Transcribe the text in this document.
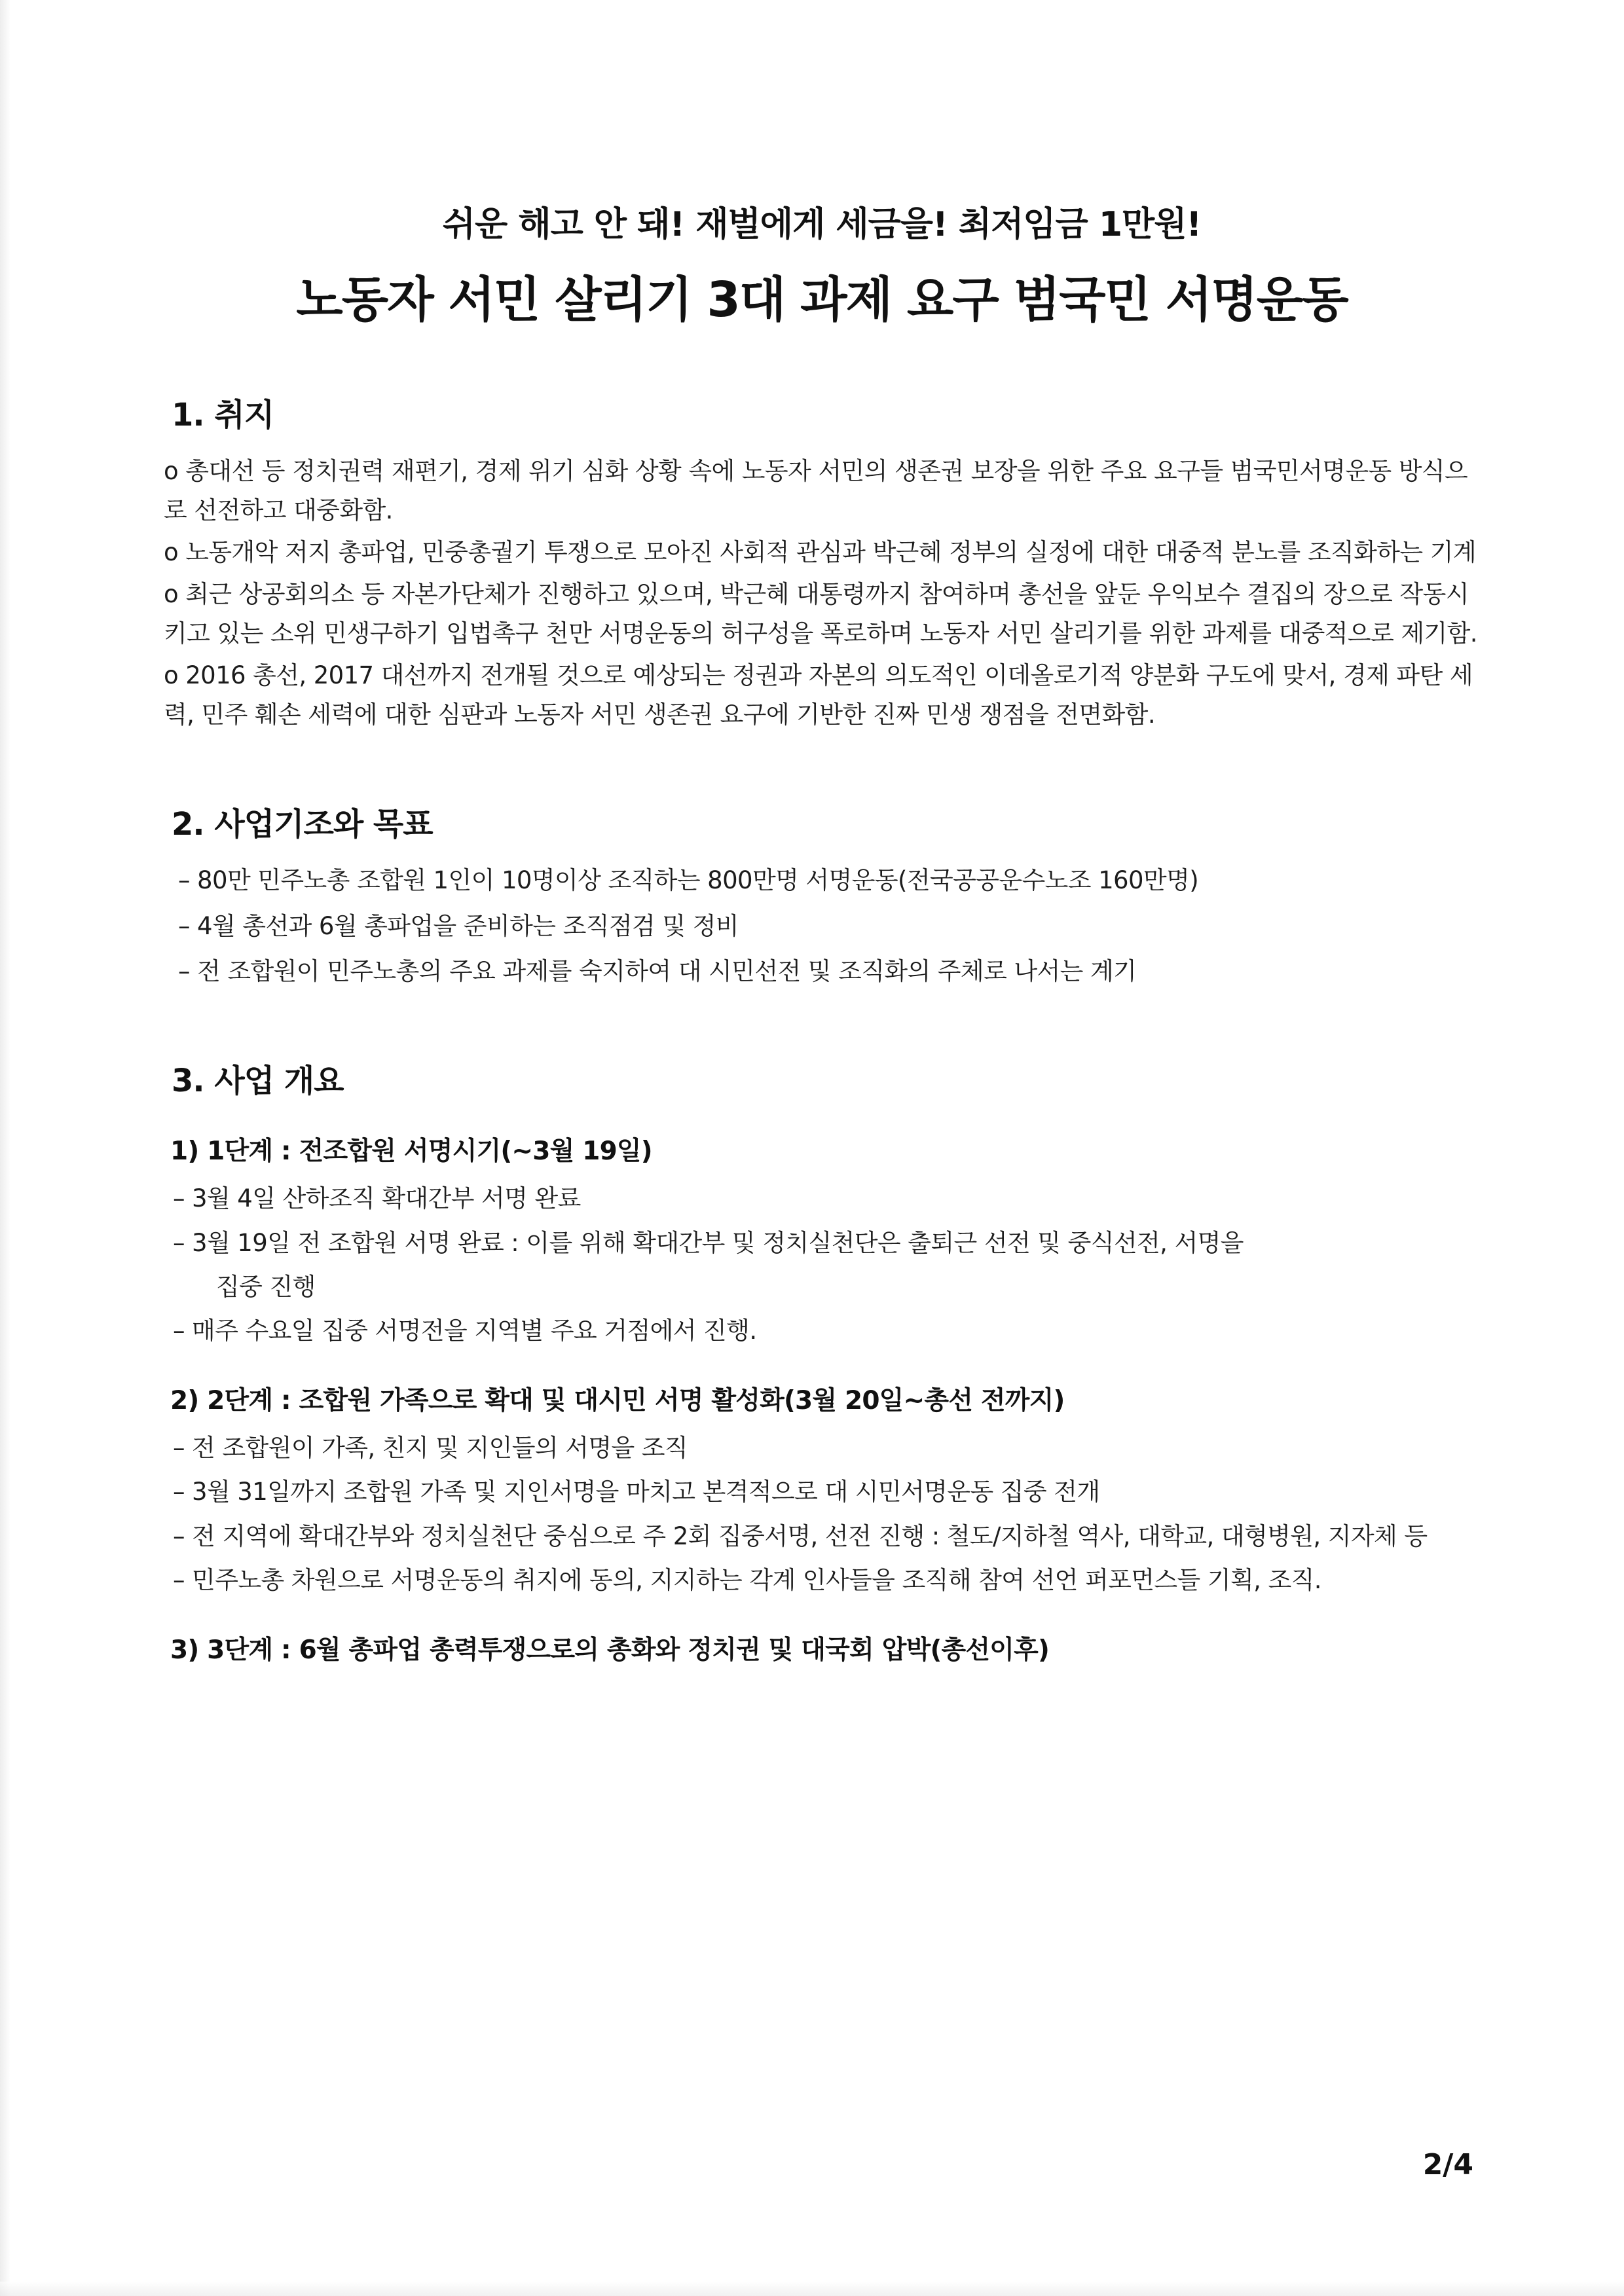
쉬운 해고 안 돼! 재벌에게 세금을! 최저임금 1만원!
노동자 서민 살리기 3대 과제 요구 범국민 서명운동
1. 취지

o 총대선 등 정치권력 재편기, 경제 위기 심화 상황 속에 노동자 서민의 생존권 보장을 위한 주요 요구들 범국민서명운동 방식으로 선전하고 대중화함.

o 노동개악 저지 총파업, 민중총궐기 투쟁으로 모아진 사회적 관심과 박근혜 정부의 실정에 대한 대중적 분노를 조직화하는 기계

o 최근 상공회의소 등 자본가단체가 진행하고 있으며, 박근혜 대통령까지 참여하며 총선을 앞둔 우익보수 결집의 장으로 작동시키고 있는 소위 민생구하기 입법촉구 천만 서명운동의 허구성을 폭로하며 노동자 서민 살리기를 위한 과제를 대중적으로 제기함.

o 2016 총선, 2017 대선까지 전개될 것으로 예상되는 정권과 자본의 의도적인 이데올로기적 양분화 구도에 맞서, 경제 파탄 세력, 민주 훼손 세력에 대한 심판과 노동자 서민 생존권 요구에 기반한 진짜 민생 쟁점을 전면화함.

2. 사업기조와 목표

– 80만 민주노총 조합원 1인이 10명이상 조직하는 800만명 서명운동(전국공공운수노조 160만명)

– 4월 총선과 6월 총파업을 준비하는 조직점검 및 정비

– 전 조합원이 민주노총의 주요 과제를 숙지하여 대 시민선전 및 조직화의 주체로 나서는 계기

3. 사업 개요
1) 1단계 : 전조합원 서명시기(~3월 19일)

– 3월 4일 산하조직 확대간부 서명 완료

– 3월 19일 전 조합원 서명 완료 : 이를 위해 확대간부 및 정치실천단은 출퇴근 선전 및 중식선전, 서명을

집중 진행

– 매주 수요일 집중 서명전을 지역별 주요 거점에서 진행.

2) 2단계 : 조합원 가족으로 확대 및 대시민 서명 활성화(3월 20일~총선 전까지)

– 전 조합원이 가족, 친지 및 지인들의 서명을 조직

– 3월 31일까지 조합원 가족 및 지인서명을 마치고 본격적으로 대 시민서명운동 집중 전개

– 전 지역에 확대간부와 정치실천단 중심으로 주 2회 집중서명, 선전 진행 : 철도/지하철 역사, 대학교, 대형병원, 지자체 등

– 민주노총 차원으로 서명운동의 취지에 동의, 지지하는 각계 인사들을 조직해 참여 선언 퍼포먼스들 기획, 조직.

3) 3단계 : 6월 총파업 총력투쟁으로의 총화와 정치권 및 대국회 압박(총선이후)
2/4
